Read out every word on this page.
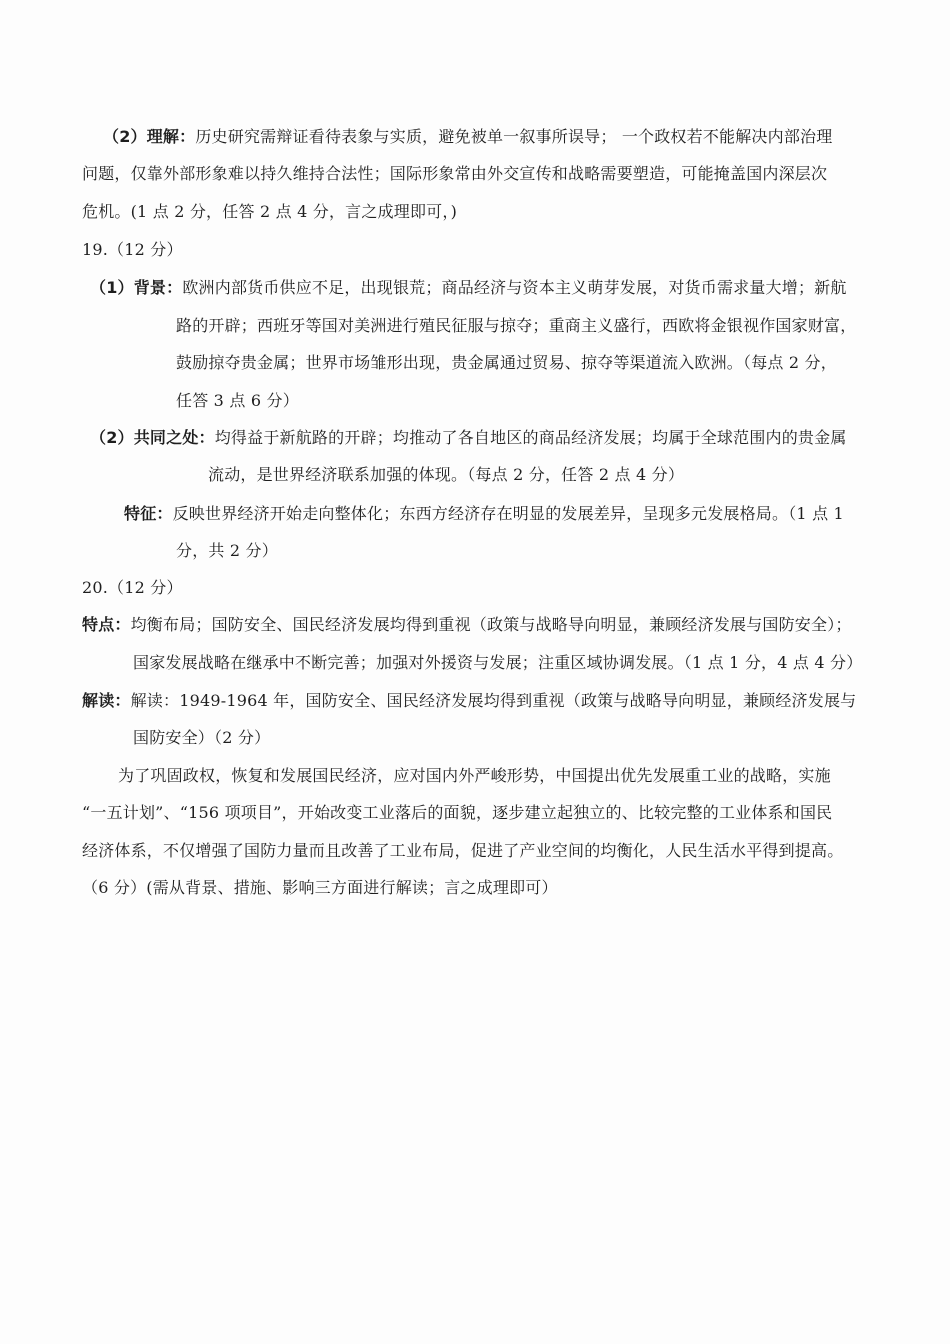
（2）理解：历史研究需辩证看待表象与实质，避免被单一叙事所误导； 一个政权若不能解决内部治理
问题，仅靠外部形象难以持久维持合法性；国际形象常由外交宣传和战略需要塑造，可能掩盖国内深层次
危机。(1 点 2 分，任答 2 点 4 分，言之成理即可，)
19.（12 分）
（1）背景：欧洲内部货币供应不足，出现银荒；商品经济与资本主义萌芽发展，对货币需求量大增；新航
路的开辟；西班牙等国对美洲进行殖民征服与掠夺；重商主义盛行，西欧将金银视作国家财富，
鼓励掠夺贵金属；世界市场雏形出现，贵金属通过贸易、掠夺等渠道流入欧洲。（每点 2 分，
任答 3 点 6 分）
（2）共同之处：均得益于新航路的开辟；均推动了各自地区的商品经济发展；均属于全球范围内的贵金属
流动，是世界经济联系加强的体现。（每点 2 分，任答 2 点 4 分）
特征：反映世界经济开始走向整体化；东西方经济存在明显的发展差异，呈现多元发展格局。（1 点 1
分，共 2 分）
20.（12 分）
特点：均衡布局；国防安全、国民经济发展均得到重视（政策与战略导向明显，兼顾经济发展与国防安全）；
国家发展战略在继承中不断完善；加强对外援资与发展；注重区域协调发展。（1 点 1 分，4 点 4 分）
解读：解读：1949-1964 年，国防安全、国民经济发展均得到重视（政策与战略导向明显，兼顾经济发展与
国防安全）（2 分）
为了巩固政权，恢复和发展国民经济，应对国内外严峻形势，中国提出优先发展重工业的战略，实施
“一五计划”、“156 项项目”，开始改变工业落后的面貌，逐步建立起独立的、比较完整的工业体系和国民
经济体系，不仅增强了国防力量而且改善了工业布局，促进了产业空间的均衡化，人民生活水平得到提高。
（6 分）(需从背景、措施、影响三方面进行解读；言之成理即可）
